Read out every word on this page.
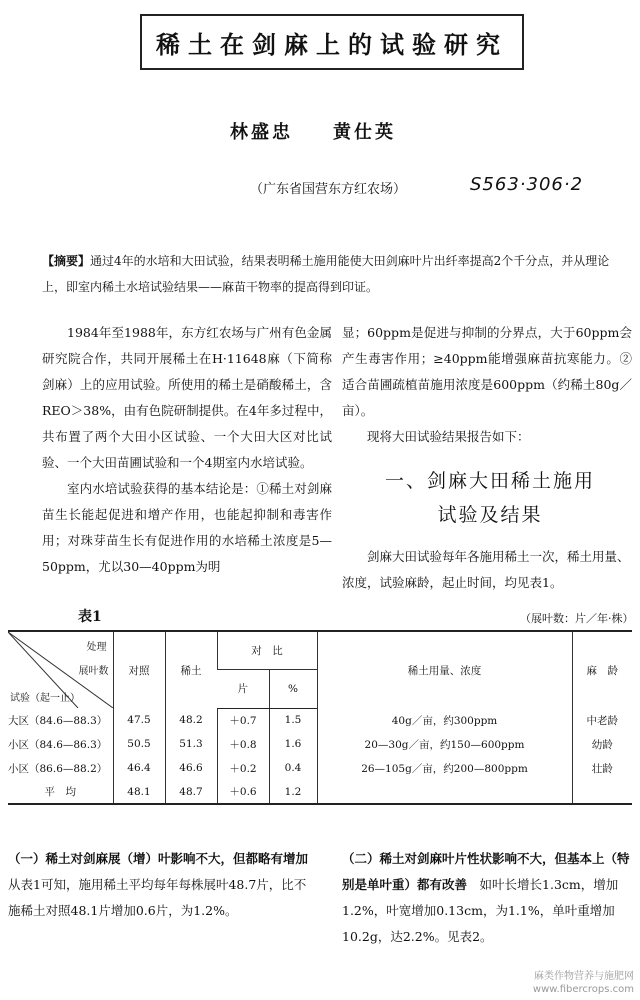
稀土在剑麻上的试验研究
林盛忠 黄仕英
（广东省国营东方红农场）	S563·306·2
【摘要】通过4年的水培和大田试验，结果表明稀土施用能使大田剑麻叶片出纤率提高2个千分点，并从理论上，即室内稀土水培试验结果——麻苗干物率的提高得到印证。

1984年至1988年，东方红农场与广州有色金属研究院合作，共同开展稀土在H·11648麻（下简称剑麻）上的应用试验。所使用的稀土是硝酸稀土，含REO＞38%，由有色院研制提供。在4年多过程中，共布置了两个大田小区试验、一个大田大区对比试验、一个大田苗圃试验和一个4期室内水培试验。

室内水培试验获得的基本结论是：①稀土对剑麻苗生长能起促进和增产作用，也能起抑制和毒害作用；对珠芽苗生长有促进作用的水培稀土浓度是5—50ppm，尤以30—40ppm为明

显；60ppm是促进与抑制的分界点，大于60ppm会产生毒害作用；≥40ppm能增强麻苗抗寒能力。②适合苗圃疏植苗施用浓度是600ppm（约稀土80g／亩）。

现将大田试验结果报告如下：

一、剑麻大田稀土施用
试验及结果

剑麻大田试验每年各施用稀土一次，稀土用量、浓度，试验麻龄，起止时间，均见表1。

表1	（展叶数：片／年·株）
处理
展叶数
试验（起一止）	对照	稀土	对　比		稀土用量、浓度	麻　龄
			片	%		
大区（84.6—88.3）	47.5	48.2	＋0.7	1.5	40g／亩，约300ppm	中老龄
小区（84.6—86.3）	50.5	51.3	＋0.8	1.6	20—30g／亩，约150—600ppm	幼龄
小区（86.6—88.2）	46.4	46.6	＋0.2	0.4	26—105g／亩，约200—800ppm	壮龄
平　均	48.1	48.7	＋0.6	1.2		

（一）稀土对剑麻展（增）叶影响不大，但都略有增加　从表1可知，施用稀土平均每年每株展叶48.7片，比不施稀土对照48.1片增加0.6片，为1.2%。

（二）稀土对剑麻叶片性状影响不大，但基本上（特别是单叶重）都有改善　 如叶长增长1.3cm，增加1.2%，叶宽增加0.13cm，为1.1%，单叶重增加10.2g，达2.2%。见表2。

麻类作物营养与施肥网
www.fibercrops.com
